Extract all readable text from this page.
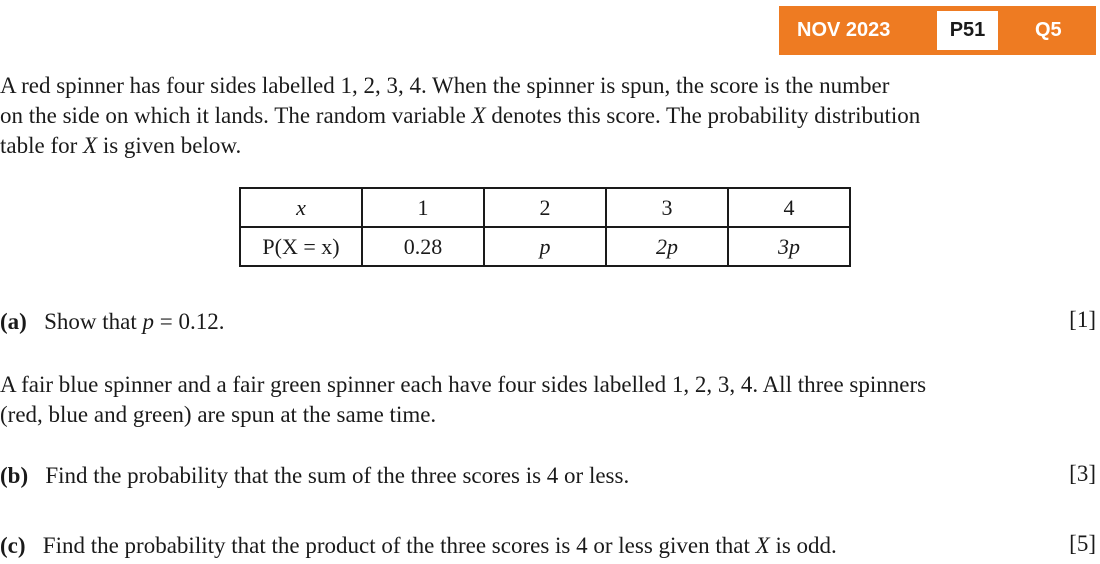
NOV 2023	P51	Q5

A red spinner has four sides labelled 1, 2, 3, 4. When the spinner is spun, the score is the number
on the side on which it lands. The random variable X denotes this score. The probability distribution
table for X is given below.

x	1	2	3	4
P(X = x)	0.28	p	2p	3p

(a) Show that p = 0.12.	[1]

A fair blue spinner and a fair green spinner each have four sides labelled 1, 2, 3, 4. All three spinners
(red, blue and green) are spun at the same time.

(b) Find the probability that the sum of the three scores is 4 or less.	[3]

(c) Find the probability that the product of the three scores is 4 or less given that X is odd.	[5]
